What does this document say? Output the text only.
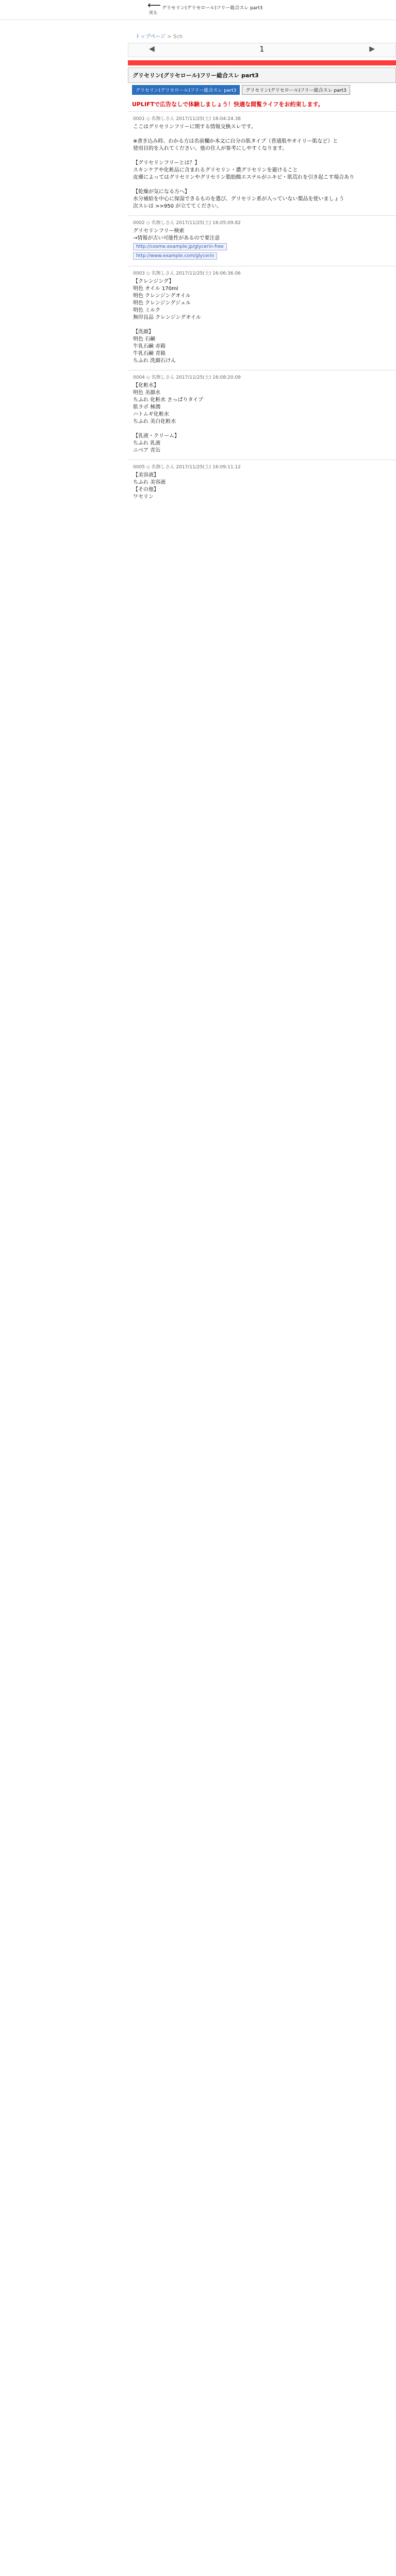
⟵
戻る
グリセリン(グリセロール)フリー総合スレ part3
トップページ > 5ch
◀	1	▶
グリセリン(グリセロール)フリー総合スレ part3
グリセリン(グリセロール)フリー総合スレ part3	グリセリン(グリセロール)フリー総合スレ part3
UPLIFTで広告なしで体験しましょう！快適な閲覧ライフをお約束します。
0001 ◇ 名無しさん 2017/11/25(土) 16:04:24.38
ここはグリセリンフリーに関する情報交換スレです。

※書き込み時、わかる方は名前欄か本文に自分の肌タイプ（普通肌やオイリー肌など）と
使用目的を入れてください。他の住人が参考にしやすくなります。

【グリセリンフリーとは？】
スキンケアや化粧品に含まれるグリセリン・濃グリセリンを避けること
皮膚によってはグリセリンやグリセリン脂肪酸エステルがニキビ・肌荒れを引き起こす場合あり

【乾燥が気になる方へ】
水分補給を中心に保湿できるものを選び、グリセリン系が入っていない製品を使いましょう
次スレは >>950 が立ててください。
0002 ◇ 名無しさん 2017/11/25(土) 16:05:09.82
グリセリンフリー検索
→情報が古い可能性があるので要注意
http://cosme.example.jp/glycerin-free
http://www.example.com/glycerin

0003 ◇ 名無しさん 2017/11/25(土) 16:06:36.06
【クレンジング】
明色 オイル 170ml
明色 クレンジングオイル
明色 クレンジングジェル
明色 ミルク
無印良品 クレンジングオイル

【洗顔】
明色 石鹸
牛乳石鹸 赤箱
牛乳石鹸 青箱
ちふれ 洗顔石けん
0004 ◇ 名無しさん 2017/11/25(土) 16:08:20.09
【化粧水】
明色 美顔水
ちふれ 化粧水 さっぱりタイプ
肌ラボ 極潤
ハトムギ化粧水
ちふれ 美白化粧水

【乳液・クリーム】
ちふれ 乳液
ニベア 青缶
0005 ◇ 名無しさん 2017/11/25(土) 16:09:11.12
【美容液】
ちふれ 美容液
【その他】
ワセリン
